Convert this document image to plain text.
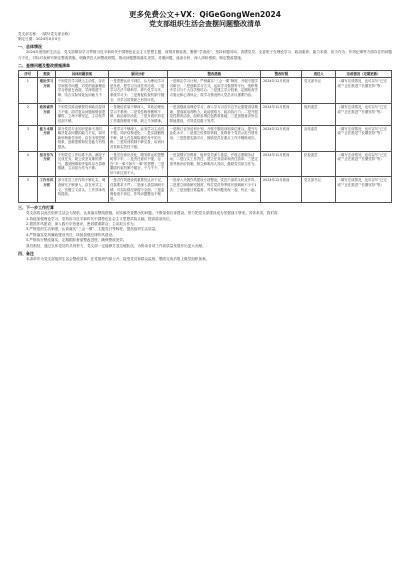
更多免费公文+VX：QiGeGongWen2024
党支部组织生活会查摆问题整改清单
党支部名称：（填写党支部全称）
制定日期：2024年X月X日
一、总体情况
2024年度组织生活会，党支部紧扣学习贯彻习近平新时代中国特色社会主义思想主题，深刻对照检查，聚焦“学查改”，坚持问题导向，查摆党员、支委班子在理论学习、政治素养、能力本领、担当作为、作风纪律等方面存在的问题与不足，对标对表研究制定整改措施，明确责任人和整改时限，推动问题整改落实见效。对照问题，逐条分析，深入剖析根源，制定整改措施。
二、查摆问题及整改措施清单
序号	类别	具体问题表现	原因分析	整改措施	整改时限	责任人	完成情况（定期更新）
1	理论学习方面	个别党员学习缺乏主动性，存在学用脱节问题，对党的创新理论学习停留在表面，学深悟透不够，结合实际转化运用能力不足。	一是思想认识不到位，认为理论学习是务虚，把学习当成任务完成；二是学习方法不够科学，碎片化学习多，系统学习少；三是督促检查机制不健全，对学习效果缺乏有效评估。	一是制定学习计划，严格落实“三会一课”制度，开展专题学习研讨；二是创新学习方式，运用学习强国等平台，组织集中学习与个人自学相结合；三是建立学习档案，定期检查学习笔记和心得体会，将学习情况纳入党员评议重要内容。	2024年12月底前	党支部书记	（填写完成情况，也可以写“已完成”“正在推进”“长期坚持”等）
2	政治素养方面	个别党员政治敏锐性和政治鉴别力不强，面对复杂问题和错误思潮时，立场不够坚定，主动发声亮剑不够。	一是理论武装不够深入，对政治理论学习不系统；二是党性修养锻炼不够，政治意识淡化；三是对意识形态工作重视程度不够，缺乏斗争精神。	一是加强政治理论学习，深入学习习近平总书记重要讲话精神，提高政治判断力、政治领悟力、政治执行力；二是开展党性教育活动，组织参观红色教育基地；三是加强意识形态阵地建设，引导党员敢于发声。	2024年12月底前	组织委员	（填写完成情况，也可以写“已完成”“正在推进”“长期坚持”等）
3	能力本领方面	部分党员专业知识更新不及时，解决复杂问题的能力不足，面对新形势新任务时，存在本领恐慌现象，创新思维和应变能力有待提高。	一是学习不够深入，业务学习主动性不强，知识结构老化；二是实践锻炼不够，缺乏在急难险重任务中的历练；三是培训机制不够完善，培训针对性和实效性不强。	一是制订业务培训计划，开展专题培训和岗位练兵，提升专业化水平；二是建立传帮带机制，发挥骨干党员示范引领作用；三是搭建实践平台，鼓励党员在重点工作中锻炼成长。	2024年12月底前	宣传委员	（填写完成情况，也可以写“已完成”“正在推进”“长期坚持”等）
4	担当作为方面	个别党员工作标准不高，满足于完成任务，缺乏攻坚克难的勇气，遇到困难和矛盾时存在畏难情绪，主动担当作为不够。	一是宗旨意识淡化，服务群众的思想树得不牢；二是责任意识不强，存在“多一事不如少一事”的思想；三是激励约束机制不健全，干与不干、干好干坏区别不大。	一是加强宗旨教育，组织党员深入基层，开展志愿服务活动；二是压实工作责任，建立任务清单和责任清单；三是完善考核评价机制，树立鲜明用人导向，激励党员担当作为。	2024年12月底前	纪检委员	（填写完成情况，也可以写“已完成”“正在推进”“长期坚持”等）
5	工作作风方面	部分党员工作作风不够扎实，调查研究不够深入，存在形式主义、官僚主义苗头，工作效率有待提高。	一是对作风建设的重要性认识不足，自我要求不严；二是深入基层调研不够，对实际情况掌握不全面；三是监督检查不到位，作风问题整治不彻底。	一是深入开展作风建设专项整治，党员干部带头转变作风；二是建立调查研究制度，每位党员每季度开展调研不少于1次；三是加强日常监督，对作风问题发现一起、纠正一起。	2024年12月底前	党支部书记	（填写完成情况，也可以写“已完成”“正在推进”“长期坚持”等）
三、下一步工作打算
党支部将以此次组织生活会为契机，认真落实整改措施，切实解决查摆出的问题，不断加强自身建设，努力把党支部建设成为坚强战斗堡垒。具体来讲，我们将：

1.持续加强理论学习，坚持用习近平新时代中国特色社会主义思想武装头脑，提高政治站位。

2.狠抓作风建设，深入践行宗旨意识，密切联系群众，主动担当作为。

3.严格组织生活制度，认真落实“三会一课”、主题党日等制度，提高组织生活质量。

4.严格落实党风廉政建设责任，持续加强纪律作风建设。

5.严格执行整改落实，定期跟踪督促整改进度，确保整改见效。

我们相信，通过全体党员的共同努力，党支部一定能够打造过硬队伍，为推动各项工作高质量发展作出更大贡献。

四、备注
本清单作为党支部组织生活会整改清单，在党组织内部公开，接受党员和群众监督，整改完成后报上级党组织备案。
